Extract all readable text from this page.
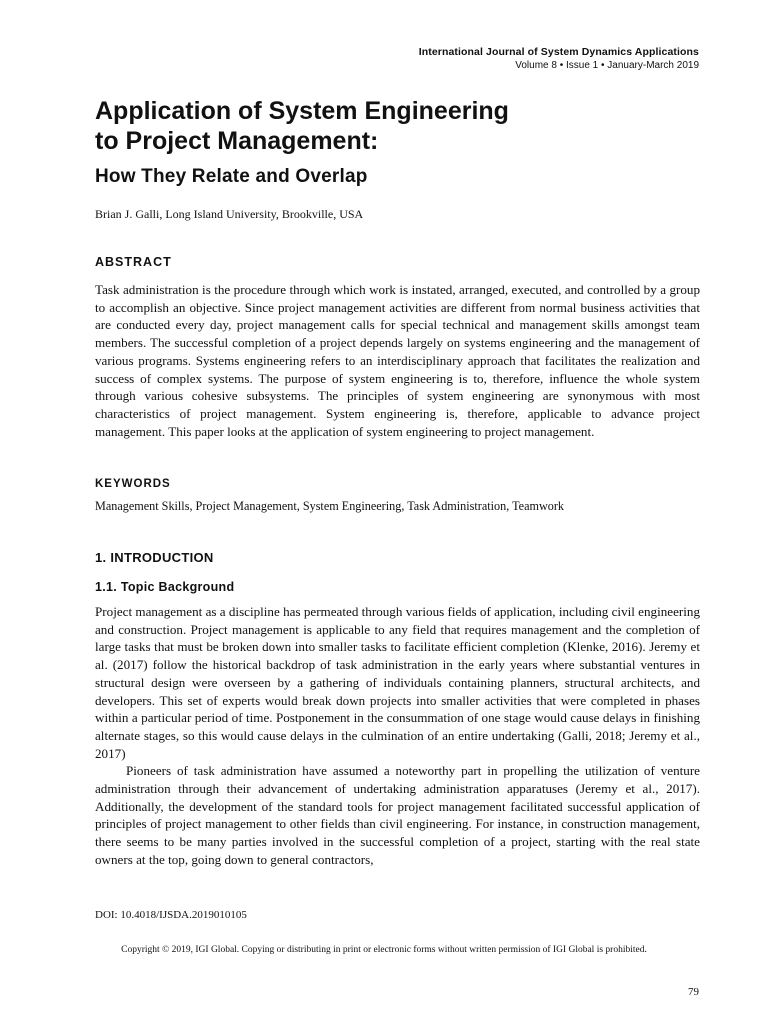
International Journal of System Dynamics Applications
Volume 8 • Issue 1 • January-March 2019
Application of System Engineering
to Project Management:
How They Relate and Overlap
Brian J. Galli, Long Island University, Brookville, USA
ABSTRACT

Task administration is the procedure through which work is instated, arranged, executed, and controlled by a group to accomplish an objective. Since project management activities are different from normal business activities that are conducted every day, project management calls for special technical and management skills amongst team members. The successful completion of a project depends largely on systems engineering and the management of various programs. Systems engineering refers to an interdisciplinary approach that facilitates the realization and success of complex systems. The purpose of system engineering is to, therefore, influence the whole system through various cohesive subsystems. The principles of system engineering are synonymous with most characteristics of project management. System engineering is, therefore, applicable to advance project management. This paper looks at the application of system engineering to project management.

KEYWORDS
Management Skills, Project Management, System Engineering, Task Administration, Teamwork
1. INTRODUCTION
1.1. Topic Background

Project management as a discipline has permeated through various fields of application, including civil engineering and construction. Project management is applicable to any field that requires management and the completion of large tasks that must be broken down into smaller tasks to facilitate efficient completion (Klenke, 2016). Jeremy et al. (2017) follow the historical backdrop of task administration in the early years where substantial ventures in structural design were overseen by a gathering of individuals containing planners, structural architects, and developers. This set of experts would break down projects into smaller activities that were completed in phases within a particular period of time. Postponement in the consummation of one stage would cause delays in finishing alternate stages, so this would cause delays in the culmination of an entire undertaking (Galli, 2018; Jeremy et al., 2017)

Pioneers of task administration have assumed a noteworthy part in propelling the utilization of venture administration through their advancement of undertaking administration apparatuses (Jeremy et al., 2017). Additionally, the development of the standard tools for project management facilitated successful application of principles of project management to other fields than civil engineering. For instance, in construction management, there seems to be many parties involved in the successful completion of a project, starting with the real state owners at the top, going down to general contractors,

DOI: 10.4018/IJSDA.2019010105
Copyright © 2019, IGI Global. Copying or distributing in print or electronic forms without written permission of IGI Global is prohibited.
79
